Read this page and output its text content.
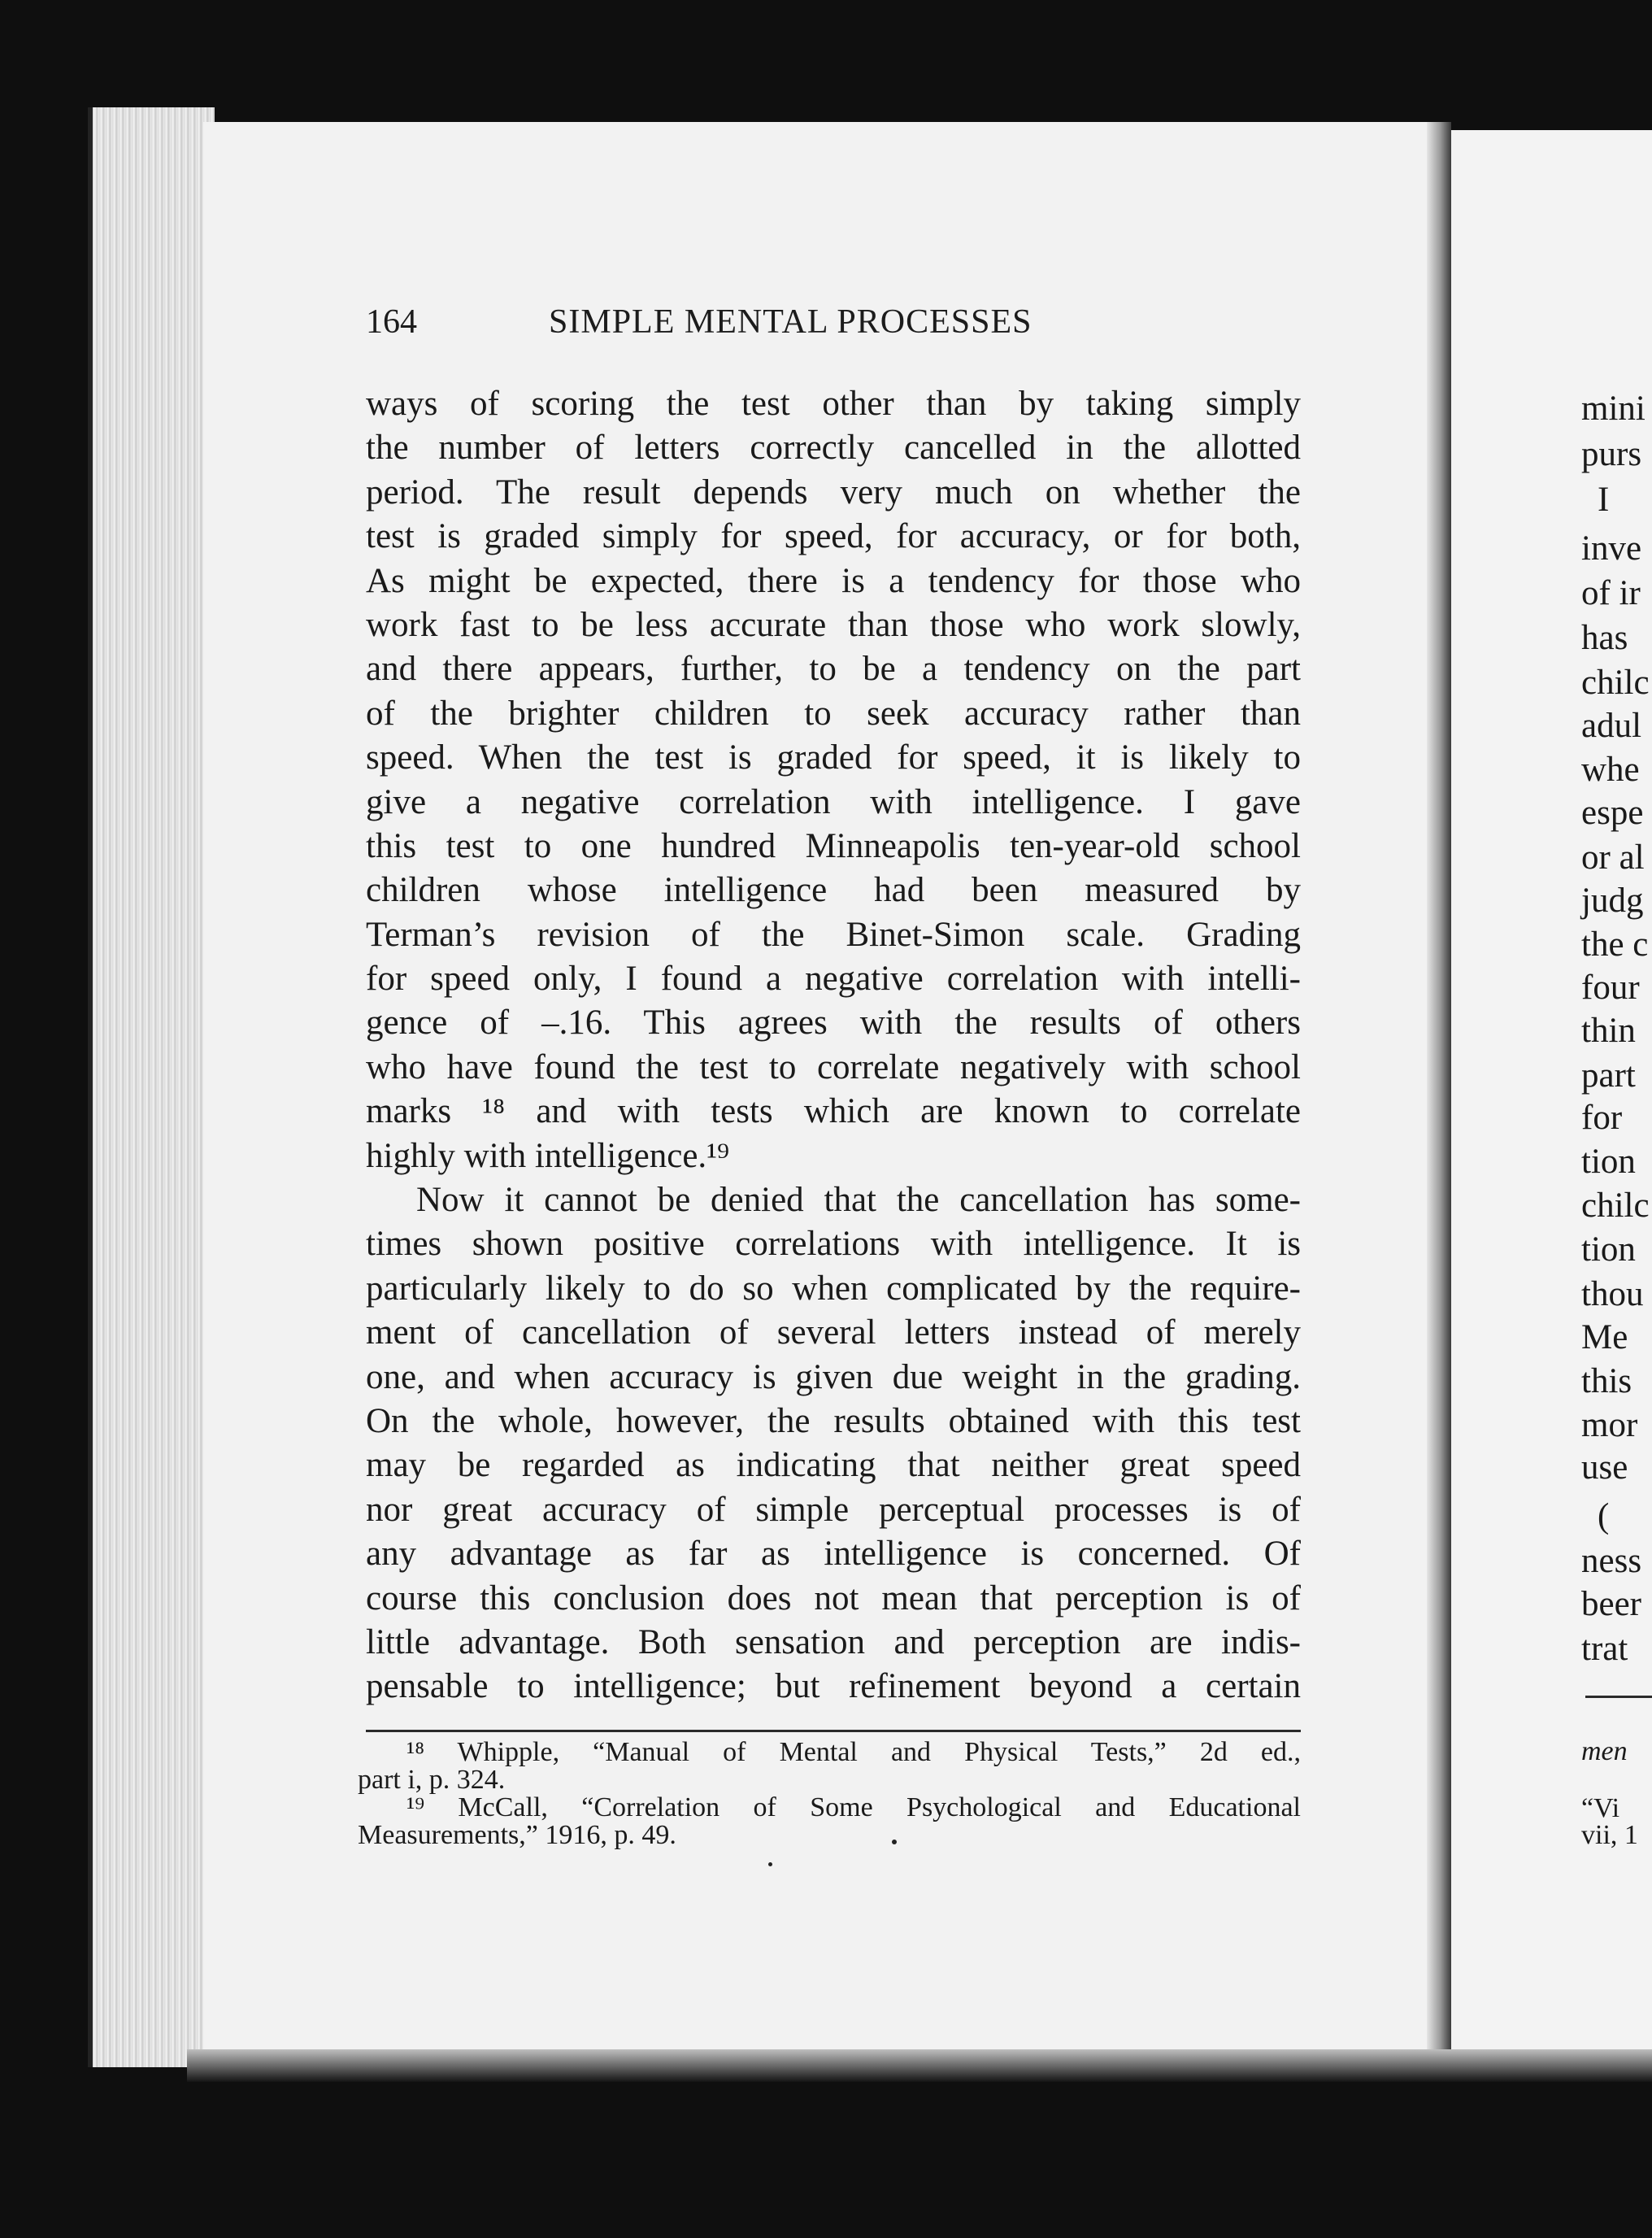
164	SIMPLE MENTAL PROCESSES
ways of scoring the test other than by taking simply
the number of letters correctly cancelled in the allotted
period. The result depends very much on whether the
test is graded simply for speed, for accuracy, or for both,
As might be expected, there is a tendency for those who
work fast to be less accurate than those who work slowly,
and there appears, further, to be a tendency on the part
of the brighter children to seek accuracy rather than
speed. When the test is graded for speed, it is likely to
give a negative correlation with intelligence. I gave
this test to one hundred Minneapolis ten-year-old school
children whose intelligence had been measured by
Terman’s revision of the Binet-Simon scale. Grading
for speed only, I found a negative correlation with intelli-
gence of –.16. This agrees with the results of others
who have found the test to correlate negatively with school
marks ¹⁸ and with tests which are known to correlate
highly with intelligence.¹⁹
Now it cannot be denied that the cancellation has some-
times shown positive correlations with intelligence. It is
particularly likely to do so when complicated by the require-
ment of cancellation of several letters instead of merely
one, and when accuracy is given due weight in the grading.
On the whole, however, the results obtained with this test
may be regarded as indicating that neither great speed
nor great accuracy of simple perceptual processes is of
any advantage as far as intelligence is concerned. Of
course this conclusion does not mean that perception is of
little advantage. Both sensation and perception are indis-
pensable to intelligence; but refinement beyond a certain
¹⁸ Whipple, “Manual of Mental and Physical Tests,” 2d ed.,
part i, p. 324.
¹⁹ McCall, “Correlation of Some Psychological and Educational
Measurements,” 1916, p. 49.
mini
purs
I
inve
of ir
has
chilc
adul
whe
espe
or al
judg
the c
four
thin
part
for
tion
chilc
tion
thou
Me
this
mor
use
(
ness
beer
trat
men
“Vi
vii, 1
